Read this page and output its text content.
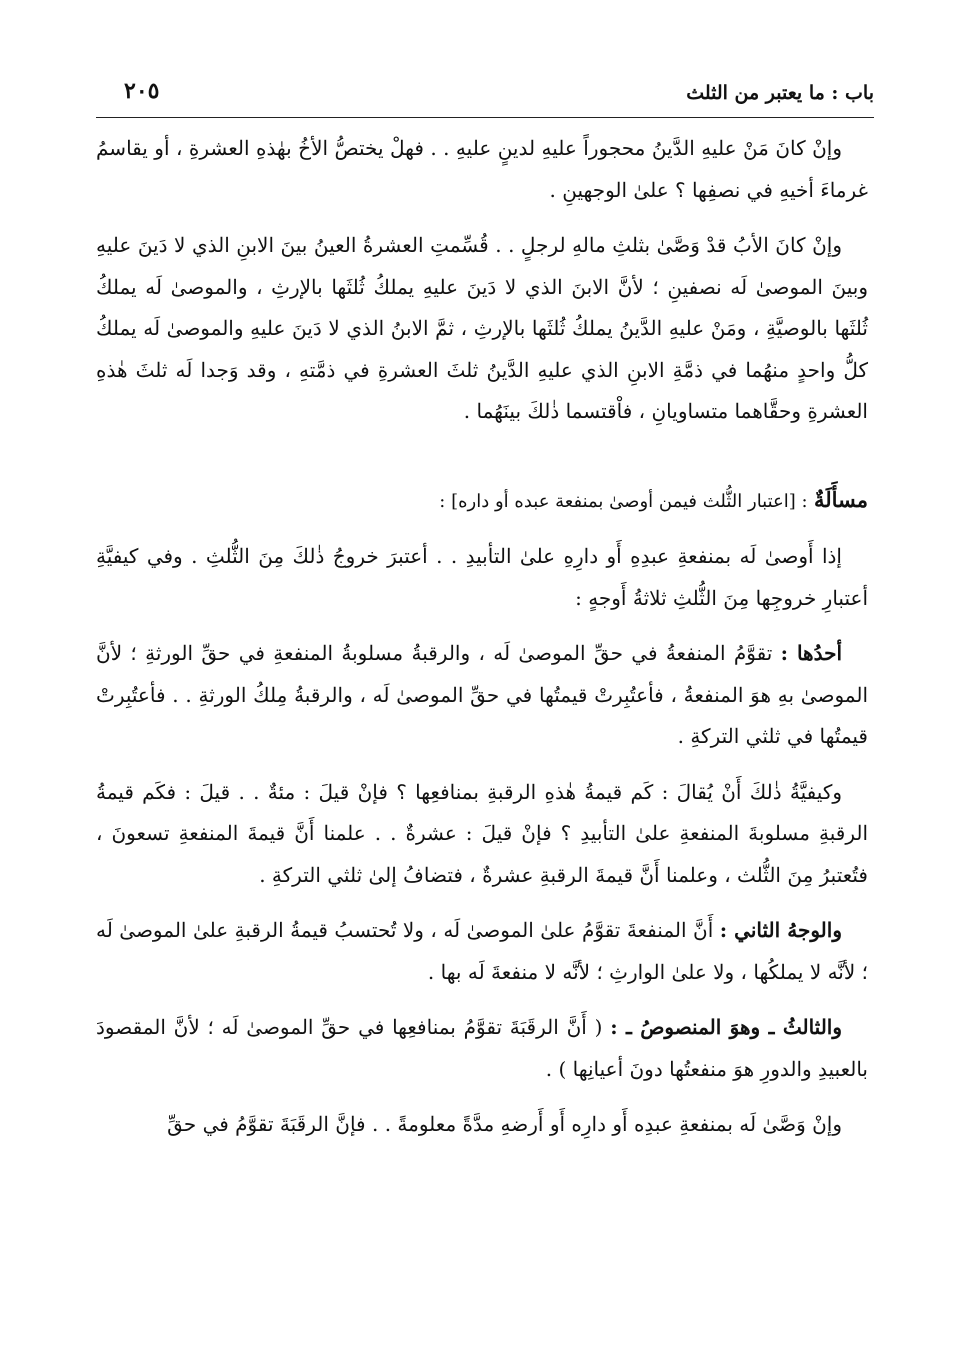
باب : ما يعتبر من الثلث
٢٠٥

وإنْ كانَ مَنْ عليهِ الدَّينُ محجوراً عليهِ لدينٍ عليهِ . . فهلْ يختصُّ الأخُ بهٰذهِ العشرةِ ، أو يقاسمُ غرماءَ أخيهِ في نصفِها ؟ علىٰ الوجهينِ .

وإنْ كانَ الأبُ قدْ وَصَّىٰ بثلثِ مالهِ لرجلٍ . . قُسِّمتِ العشرةُ العينُ بينَ الابنِ الذي لا دَينَ عليهِ وبينَ الموصىٰ لَه نصفينِ ؛ لأنَّ الابنَ الذي لا دَينَ عليهِ يملكُ ثُلثَها بالإرثِ ، والموصىٰ لَه يملكُ ثُلثَها بالوصيَّةِ ، ومَنْ عليهِ الدَّينُ يملكُ ثُلثَها بالإرثِ ، ثمَّ الابنُ الذي لا دَينَ عليهِ والموصىٰ لَه يملكُ كلُّ واحدٍ منهُما في ذمَّةِ الابنِ الذي عليهِ الدَّينُ ثلثَ العشرةِ في ذمَّتهِ ، وقد وَجدا لَه ثلثَ هٰذهِ العشرةِ وحقَّاهما متساويانِ ، فاْقتسما ذٰلكَ بينَهُما .

مسأَلَةٌ : [اعتبار الثُّلث فيمن أوصىٰ بمنفعة عبده أو داره] :

إذا أَوصىٰ لَه بمنفعةِ عبدِهِ أَو دارِهِ علىٰ التأبيدِ . . أعتبرَ خروجُ ذٰلكَ مِنَ الثُّلثِ . وفي كيفيَّةِ أعتبارِ خروجِها مِنَ الثُّلثِ ثلاثةُ أَوجهٍ :

أحدُها : تقوَّمُ المنفعةُ في حقِّ الموصىٰ لَه ، والرقبةُ مسلوبةُ المنفعةِ في حقِّ الورثةِ ؛ لأنَّ الموصىٰ بهِ هوَ المنفعةُ ، فأعتُبِرتْ قيمتُها في حقِّ الموصىٰ لَه ، والرقبةُ مِلكُ الورثةِ . . فأعتُبِرتْ قيمتُها في ثلثي التركةِ .

وكيفيَّةُ ذٰلكَ أَنْ يُقالَ : كَم قيمةُ هٰذهِ الرقبةِ بمنافعِها ؟ فإنْ قيلَ : مئةٌ . . قيلَ : فكَم قيمةُ الرقبةِ مسلوبةَ المنفعةِ علىٰ التأبيدِ ؟ فإنْ قيلَ : عشرةٌ . . علمنا أَنَّ قيمةَ المنفعةِ تسعونَ ، فتُعتبرُ مِنَ الثُّلث ، وعلمنا أَنَّ قيمةَ الرقبةِ عشرةٌ ، فتضافُ إلىٰ ثلثي التركةِ .

والوجهُ الثاني : أَنَّ المنفعةَ تقوَّمُ علىٰ الموصىٰ لَه ، ولا تُحتسبُ قيمةُ الرقبةِ علىٰ الموصىٰ لَه ؛ لأنَّه لا يملكُها ، ولا علىٰ الوارثِ ؛ لأنَّه لا منفعةَ لَه بها .

والثالثُ ـ وهوَ المنصوصُ ـ : ( أَنَّ الرقَبَةَ تقوَّمُ بمنافعِها في حقِّ الموصىٰ لَه ؛ لأنَّ المقصودَ بالعبيدِ والدورِ هوَ منفعتُها دونَ أعيانِها ) .

وإنْ وَصَّىٰ لَه بمنفعةِ عبدِه أَو دارِه أَو أَرضهِ مدَّةً معلومةً . . فإنَّ الرقَبَةَ تقوَّمُ في حقِّ
